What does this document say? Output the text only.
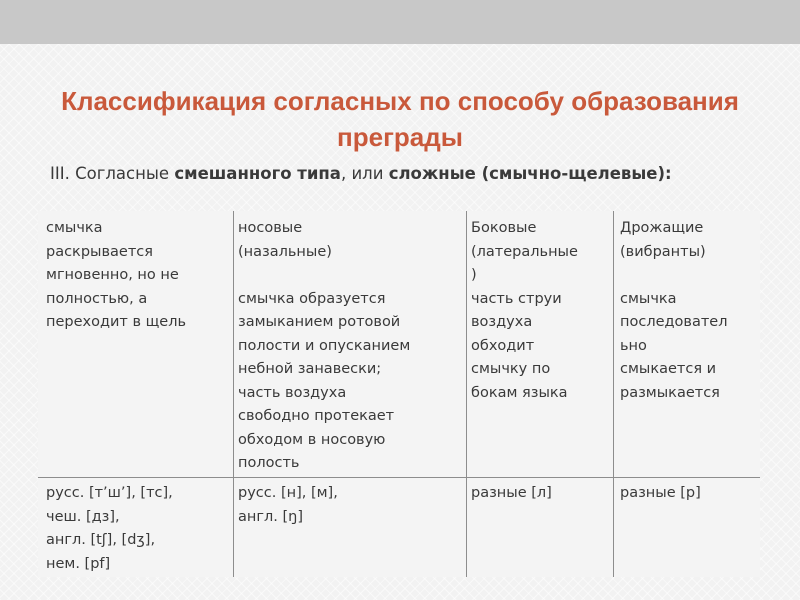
Классификация согласных по способу образования преграды

III. Согласные смешанного типа, или сложные (смычно-щелевые):

смычка
раскрывается
мгновенно, но не
полностью, а
переходит в щель
носовые
(назальные)

смычка образуется
замыканием ротовой
полости и опусканием
небной занавески;
часть воздуха
свободно протекает
обходом в носовую
полость
Боковые
(латеральные
)
часть струи
воздуха
обходит
смычку по
бокам языка
Дрожащие
(вибранты)

смычка
последовател
ьно
смыкается и
размыкается
русс. [т’ш’], [тс],
чеш. [дз],
англ. [tʃ], [dʒ],
нем. [pf]
русс. [н], [м],
англ. [ŋ]
разные [л]	разные [р]
